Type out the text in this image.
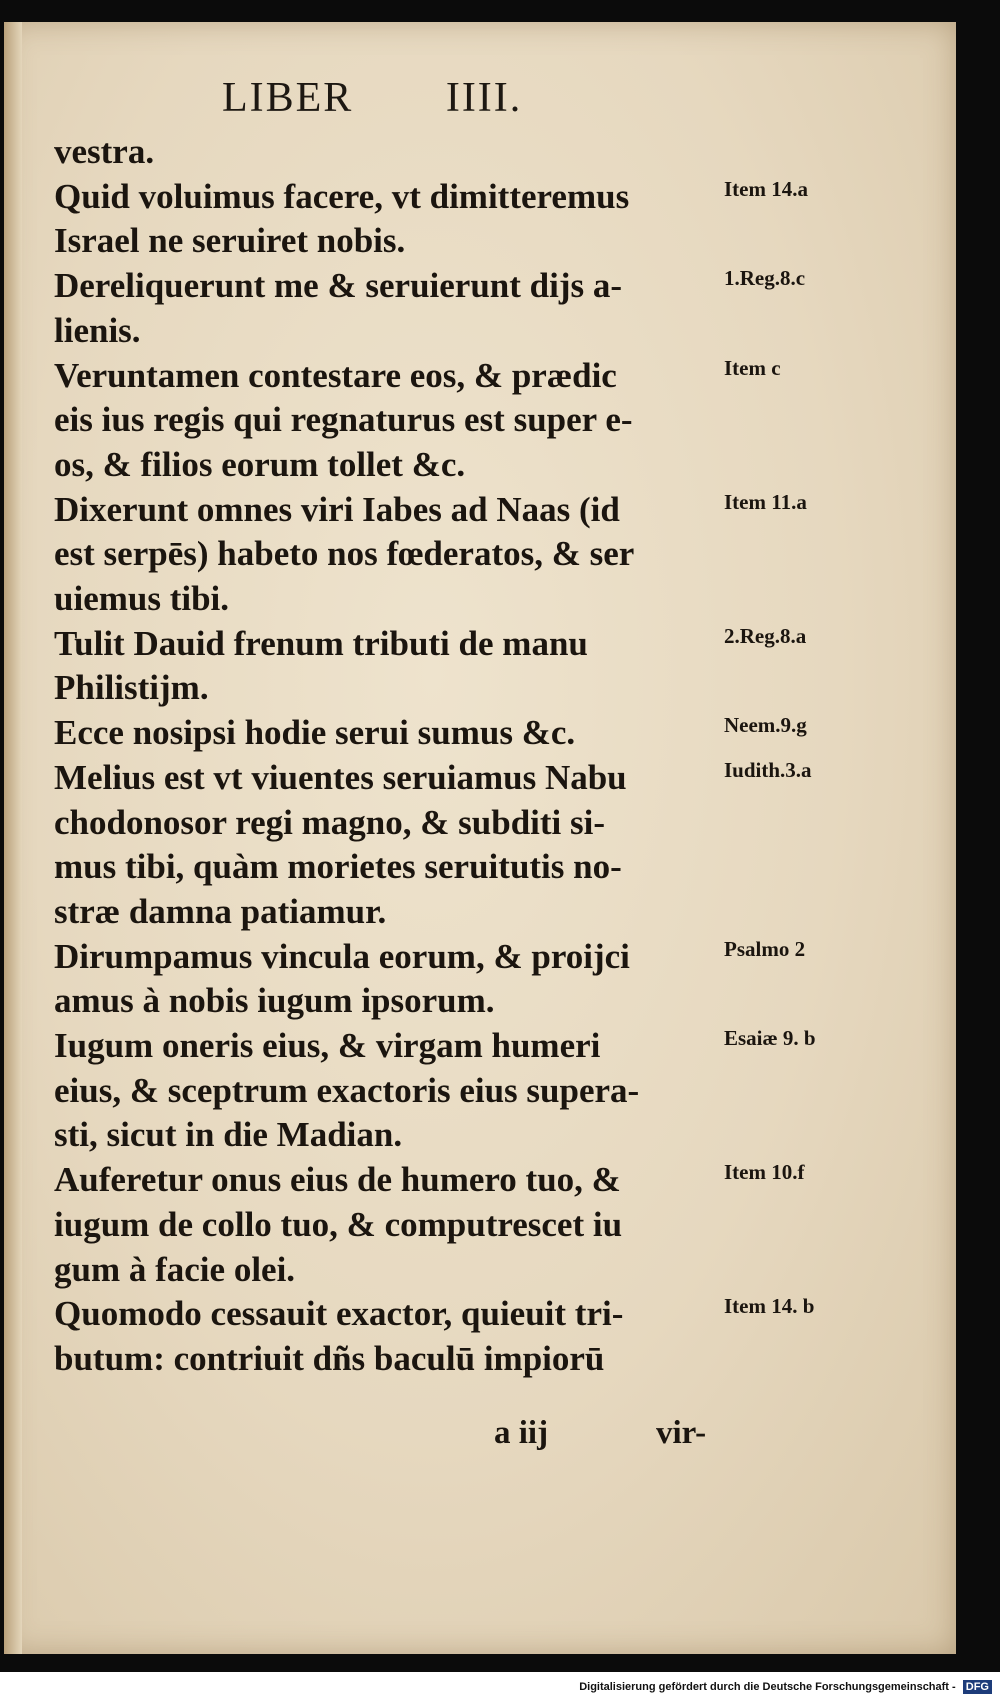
LIBER IIII.
vestra.
Quid voluimus facere, vt dimitteremus
Israel ne seruiret nobis.
Dereliquerunt me & seruierunt dijs a-
lienis.
Veruntamen contestare eos, & prædic
eis ius regis qui regnaturus est super e-
os, & filios eorum tollet &c.
Dixerunt omnes viri Iabes ad Naas (id
est serpēs) habeto nos fœderatos, & ser
uiemus tibi.
Tulit Dauid frenum tributi de manu
Philistijm.
Ecce nosipsi hodie serui sumus &c.
Melius est vt viuentes seruiamus Nabu
chodonosor regi magno, & subditi si-
mus tibi, quàm morietes seruitutis no-
stræ damna patiamur.
Dirumpamus vincula eorum, & proijci
amus à nobis iugum ipsorum.
Iugum oneris eius, & virgam humeri
eius, & sceptrum exactoris eius supera-
sti, sicut in die Madian.
Auferetur onus eius de humero tuo, &
iugum de collo tuo, & computrescet iu
gum à facie olei.
Quomodo cessauit exactor, quieuit tri-
butum: contriuit dñs baculū impiorū
Item 14.a
1.Reg.8.c
Item c
Item 11.a
2.Reg.8.a
Neem.9.g
Iudith.3.a
Psalmo 2
Esaiæ 9. b
Item 10.f
Item 14. b
a iij	vir-
Digitalisierung gefördert durch die Deutsche Forschungsgemeinschaft - DFG
